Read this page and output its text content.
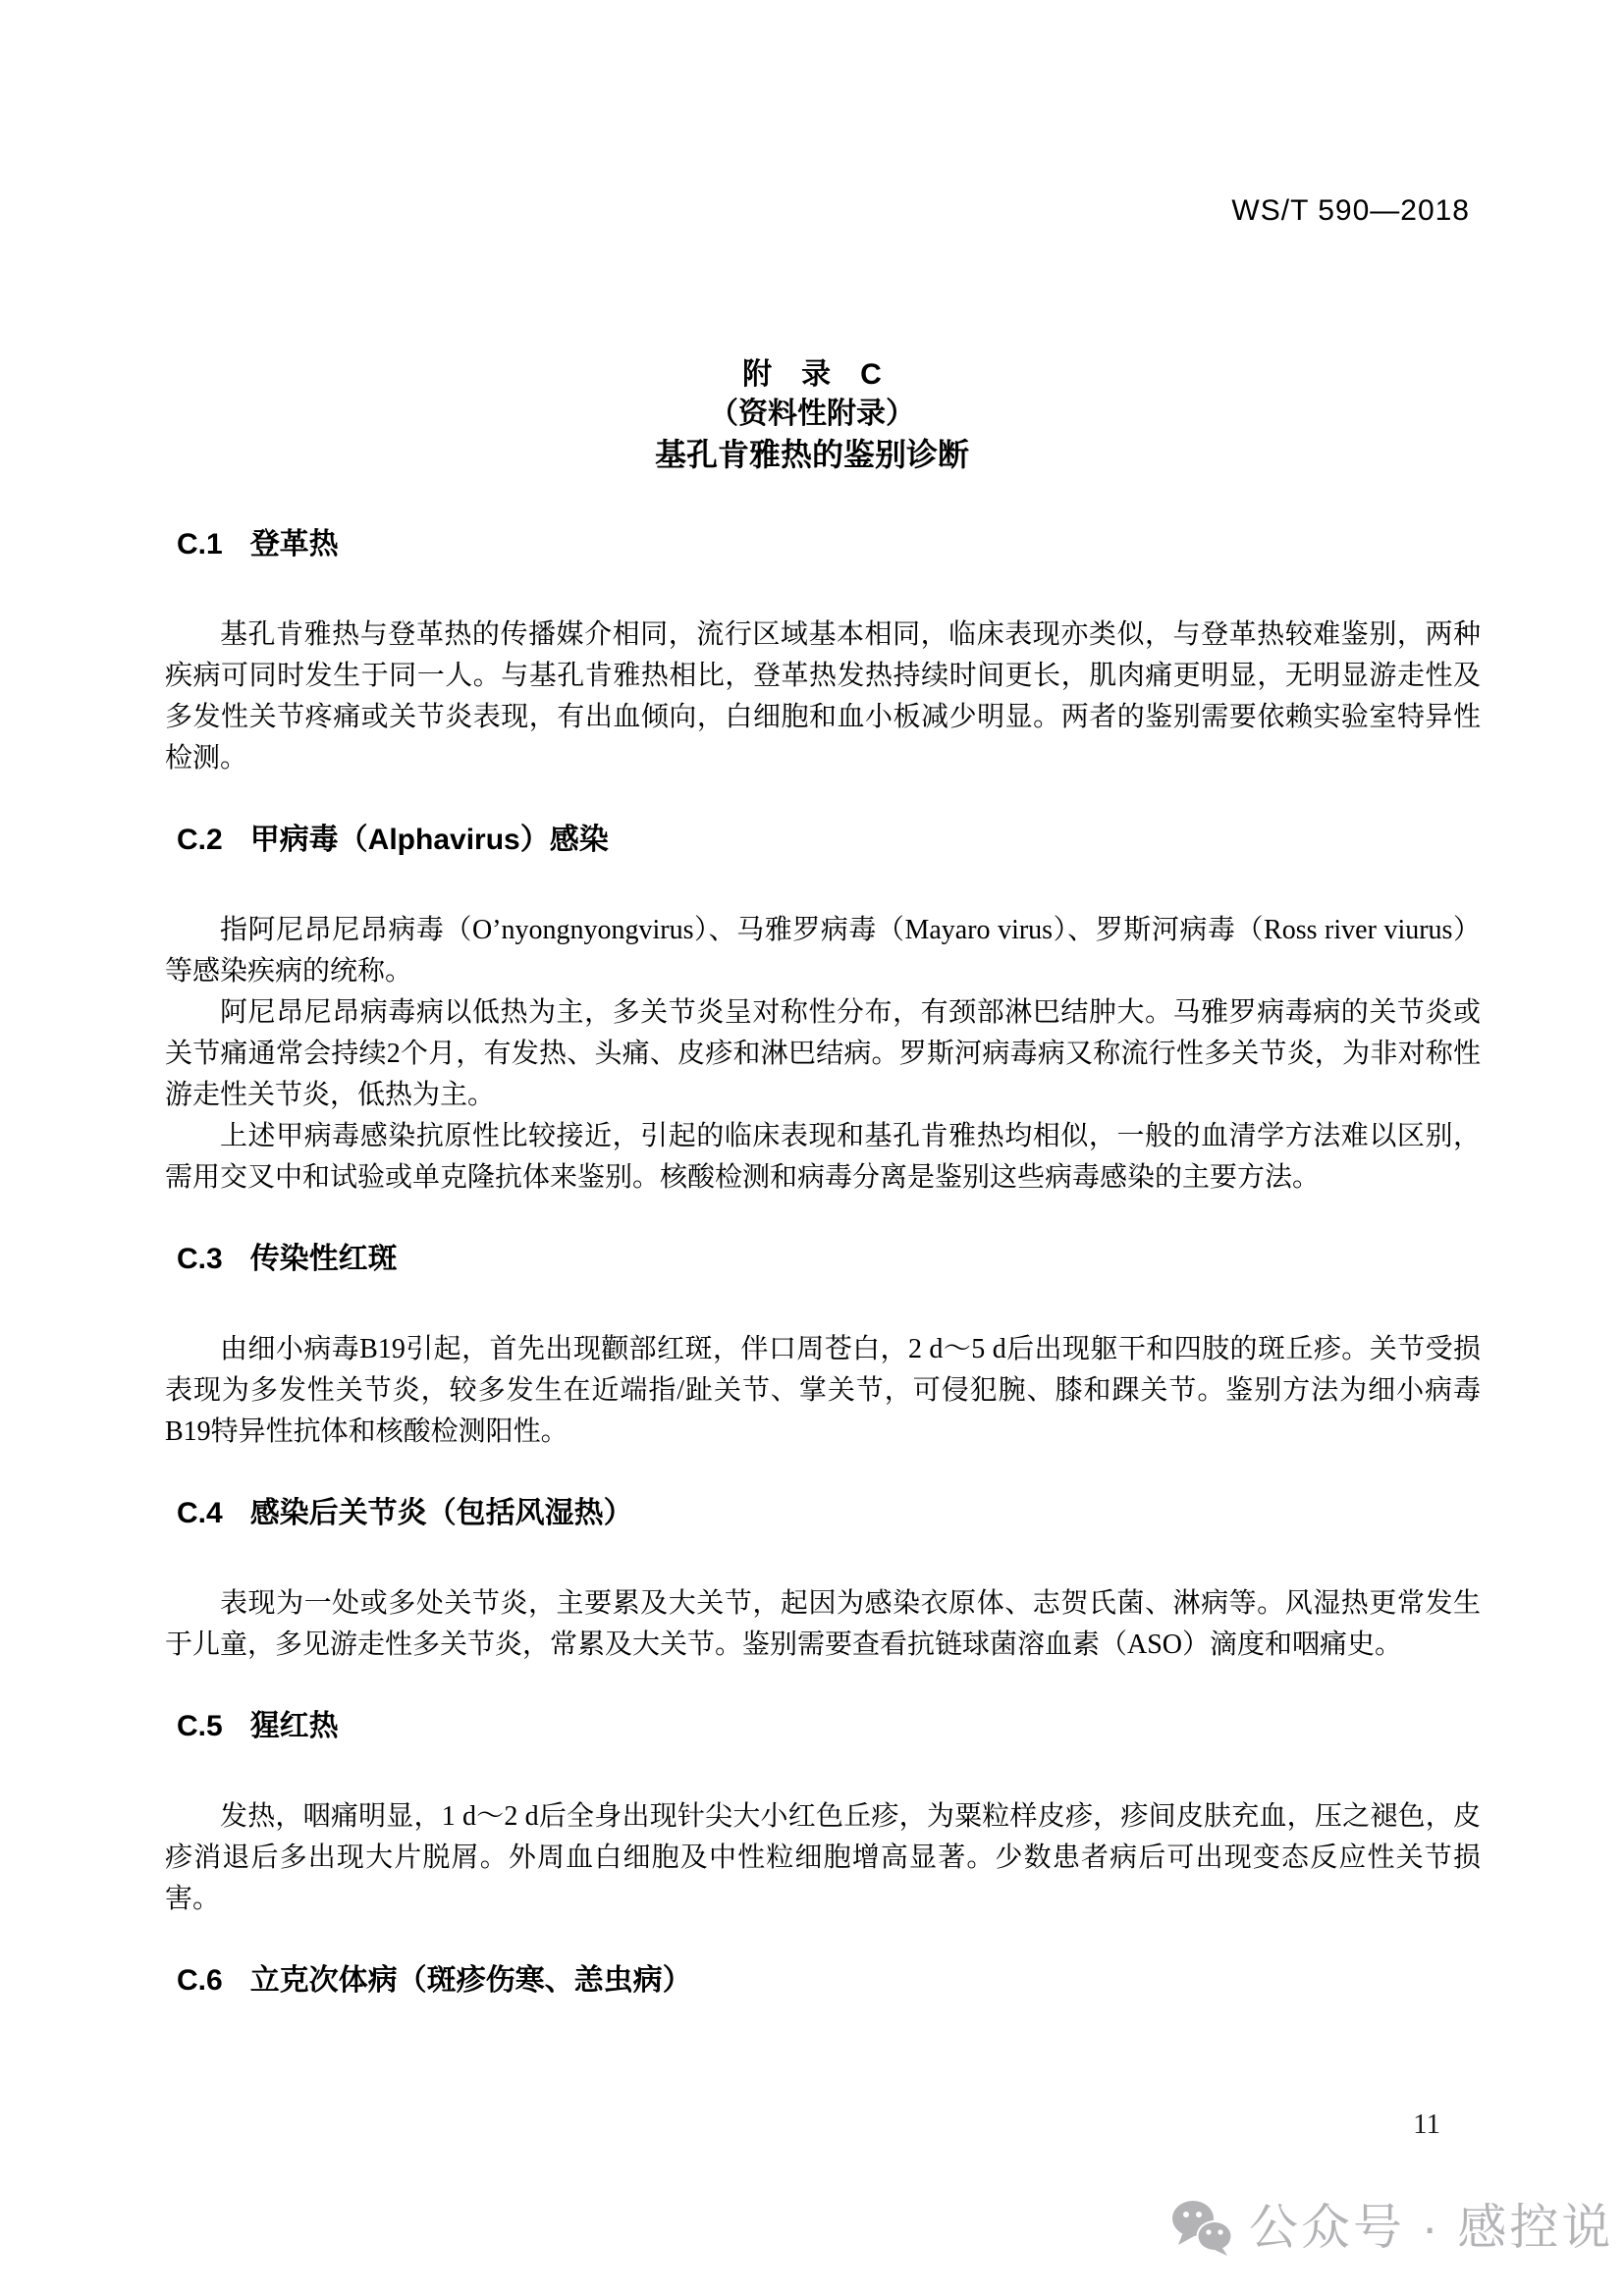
WS/T 590—2018
附　录　C
（资料性附录）
基孔肯雅热的鉴别诊断
C.1 登革热

基孔肯雅热与登革热的传播媒介相同，流行区域基本相同，临床表现亦类似，与登革热较难鉴别，两种疾病可同时发生于同一人。与基孔肯雅热相比，登革热发热持续时间更长，肌肉痛更明显，无明显游走性及多发性关节疼痛或关节炎表现，有出血倾向，白细胞和血小板减少明显。两者的鉴别需要依赖实验室特异性检测。

C.2 甲病毒（Alphavirus）感染

指阿尼昂尼昂病毒（O’nyongnyongvirus）、马雅罗病毒（Mayaro virus）、罗斯河病毒（Ross river viurus）等感染疾病的统称。

阿尼昂尼昂病毒病以低热为主，多关节炎呈对称性分布，有颈部淋巴结肿大。马雅罗病毒病的关节炎或关节痛通常会持续2个月，有发热、头痛、皮疹和淋巴结病。罗斯河病毒病又称流行性多关节炎，为非对称性游走性关节炎，低热为主。

上述甲病毒感染抗原性比较接近，引起的临床表现和基孔肯雅热均相似，一般的血清学方法难以区别，需用交叉中和试验或单克隆抗体来鉴别。核酸检测和病毒分离是鉴别这些病毒感染的主要方法。

C.3 传染性红斑

由细小病毒B19引起，首先出现颧部红斑，伴口周苍白，2 d～5 d后出现躯干和四肢的斑丘疹。关节受损表现为多发性关节炎，较多发生在近端指/趾关节、掌关节，可侵犯腕、膝和踝关节。鉴别方法为细小病毒B19特异性抗体和核酸检测阳性。

C.4 感染后关节炎（包括风湿热）

表现为一处或多处关节炎，主要累及大关节，起因为感染衣原体、志贺氏菌、淋病等。风湿热更常发生于儿童，多见游走性多关节炎，常累及大关节。鉴别需要查看抗链球菌溶血素（ASO）滴度和咽痛史。

C.5 猩红热

发热，咽痛明显，1 d～2 d后全身出现针尖大小红色丘疹，为粟粒样皮疹，疹间皮肤充血，压之褪色，皮疹消退后多出现大片脱屑。外周血白细胞及中性粒细胞增高显著。少数患者病后可出现变态反应性关节损害。

C.6 立克次体病（斑疹伤寒、恙虫病）
11
公众号 · 感控说
